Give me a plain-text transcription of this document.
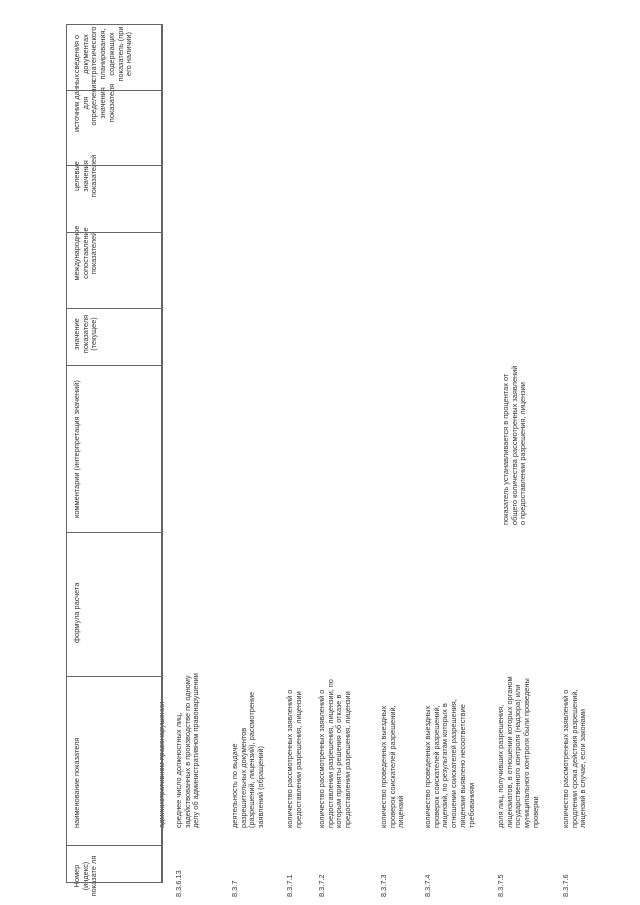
Номер (индекс) показате ля
наименование показателя
формула расчета
комментарии (интерпретация значений)
значение показателя (текущее)
международное сопоставление показателей
целевые значения показателей
источник данных для определения значения показателя
сведения о документах стратегического планирования, содержащих показатель (при его наличии)
административном правонарушении
8.3.6.13
среднее число должностных лиц, задействованных в производстве по одному делу об административном правонарушении
8.3.7
деятельность по выдаче разрешительных документов (разрешений, лицензий), рассмотрение заявлений (обращений)
8.3.7.1
количество рассмотренных заявлений о предоставлении разрешения, лицензии
8.3.7.2
количество рассмотренных заявлений о предоставлении разрешения, лицензии, по которым приняты решения об отказе в предоставлении разрешения, лицензии
8.3.7.3
количество проведенных выездных проверок соискателей разрешений, лицензий
8.3.7.4
количество проведенных выездных проверок соискателей разрешений, лицензий, по результатам которых в отношении соискателей разрешения, лицензии выявлено несоответствие требованиям
8.3.7.5
доля лиц, получивших разрешения, лицензиатов, в отношении которых органом государственного контроля (надзора) или муниципального контроля были проведены проверки
показатель устанавливается в процентах от общего количества рассмотренных заявлений о предоставлении разрешения, лицензии
8.3.7.6
количество рассмотренных заявлений о продлении срока действия разрешений, лицензий в случае, если законами
